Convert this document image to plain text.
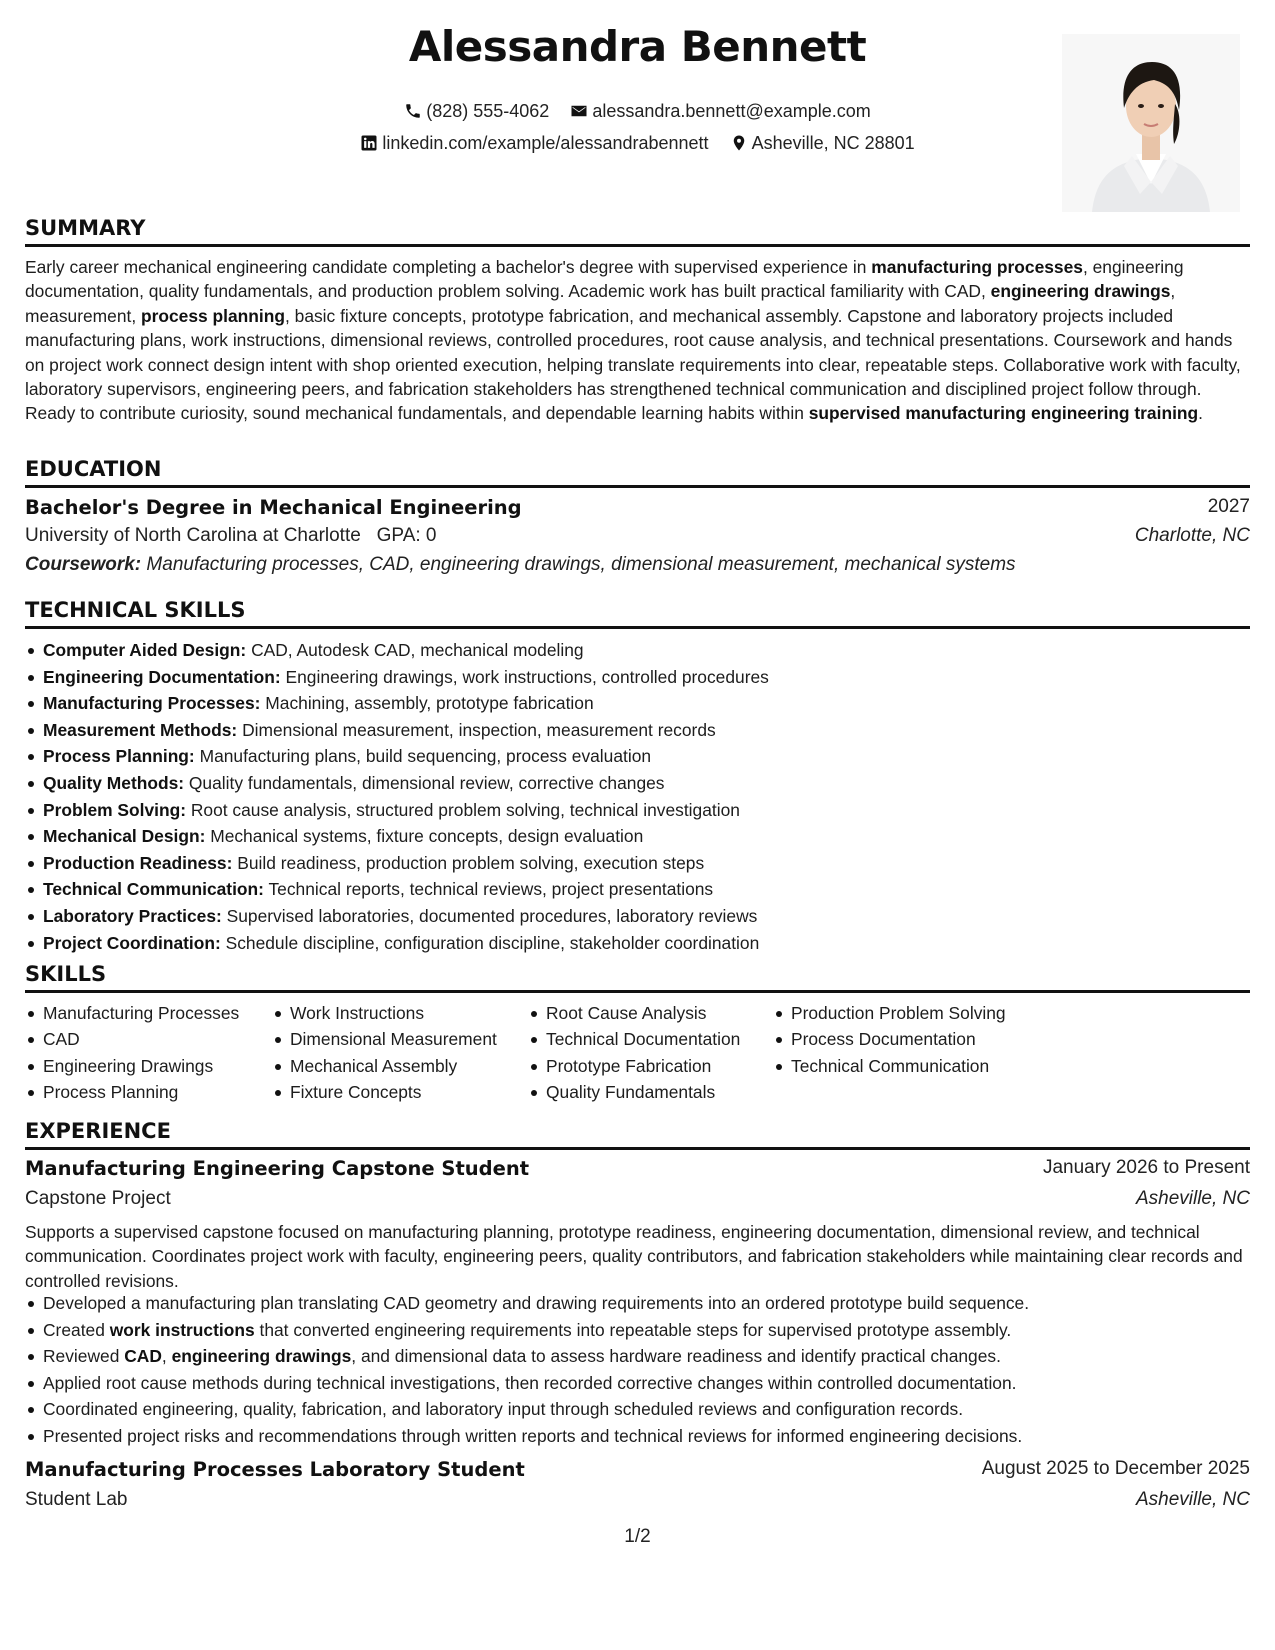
Alessandra Bennett
(828) 555-4062
alessandra.bennett@example.com
linkedin.com/example/alessandrabennett
Asheville, NC 28801
SUMMARY
Early career mechanical engineering candidate completing a bachelor's degree with supervised experience in manufacturing processes, engineering documentation, quality fundamentals, and production problem solving. Academic work has built practical familiarity with CAD, engineering drawings, measurement, process planning, basic fixture concepts, prototype fabrication, and mechanical assembly. Capstone and laboratory projects included manufacturing plans, work instructions, dimensional reviews, controlled procedures, root cause analysis, and technical presentations. Coursework and hands on project work connect design intent with shop oriented execution, helping translate requirements into clear, repeatable steps. Collaborative work with faculty, laboratory supervisors, engineering peers, and fabrication stakeholders has strengthened technical communication and disciplined project follow through. Ready to contribute curiosity, sound mechanical fundamentals, and dependable learning habits within supervised manufacturing engineering training.
EDUCATION
Bachelor's Degree in Mechanical Engineering	2027
University of North Carolina at Charlotte GPA: 0	Charlotte, NC
Coursework: Manufacturing processes, CAD, engineering drawings, dimensional measurement, mechanical systems
TECHNICAL SKILLS
Computer Aided Design: CAD, Autodesk CAD, mechanical modeling
Engineering Documentation: Engineering drawings, work instructions, controlled procedures
Manufacturing Processes: Machining, assembly, prototype fabrication
Measurement Methods: Dimensional measurement, inspection, measurement records
Process Planning: Manufacturing plans, build sequencing, process evaluation
Quality Methods: Quality fundamentals, dimensional review, corrective changes
Problem Solving: Root cause analysis, structured problem solving, technical investigation
Mechanical Design: Mechanical systems, fixture concepts, design evaluation
Production Readiness: Build readiness, production problem solving, execution steps
Technical Communication: Technical reports, technical reviews, project presentations
Laboratory Practices: Supervised laboratories, documented procedures, laboratory reviews
Project Coordination: Schedule discipline, configuration discipline, stakeholder coordination
SKILLS
Manufacturing Processes
CAD
Engineering Drawings
Process Planning
Work Instructions
Dimensional Measurement
Mechanical Assembly
Fixture Concepts
Root Cause Analysis
Technical Documentation
Prototype Fabrication
Quality Fundamentals
Production Problem Solving
Process Documentation
Technical Communication
EXPERIENCE
Manufacturing Engineering Capstone Student	January 2026 to Present
Capstone Project	Asheville, NC
Supports a supervised capstone focused on manufacturing planning, prototype readiness, engineering documentation, dimensional review, and technical communication. Coordinates project work with faculty, engineering peers, quality contributors, and fabrication stakeholders while maintaining clear records and controlled revisions.
Developed a manufacturing plan translating CAD geometry and drawing requirements into an ordered prototype build sequence.
Created work instructions that converted engineering requirements into repeatable steps for supervised prototype assembly.
Reviewed CAD, engineering drawings, and dimensional data to assess hardware readiness and identify practical changes.
Applied root cause methods during technical investigations, then recorded corrective changes within controlled documentation.
Coordinated engineering, quality, fabrication, and laboratory input through scheduled reviews and configuration records.
Presented project risks and recommendations through written reports and technical reviews for informed engineering decisions.
Manufacturing Processes Laboratory Student	August 2025 to December 2025
Student Lab	Asheville, NC
1/2
